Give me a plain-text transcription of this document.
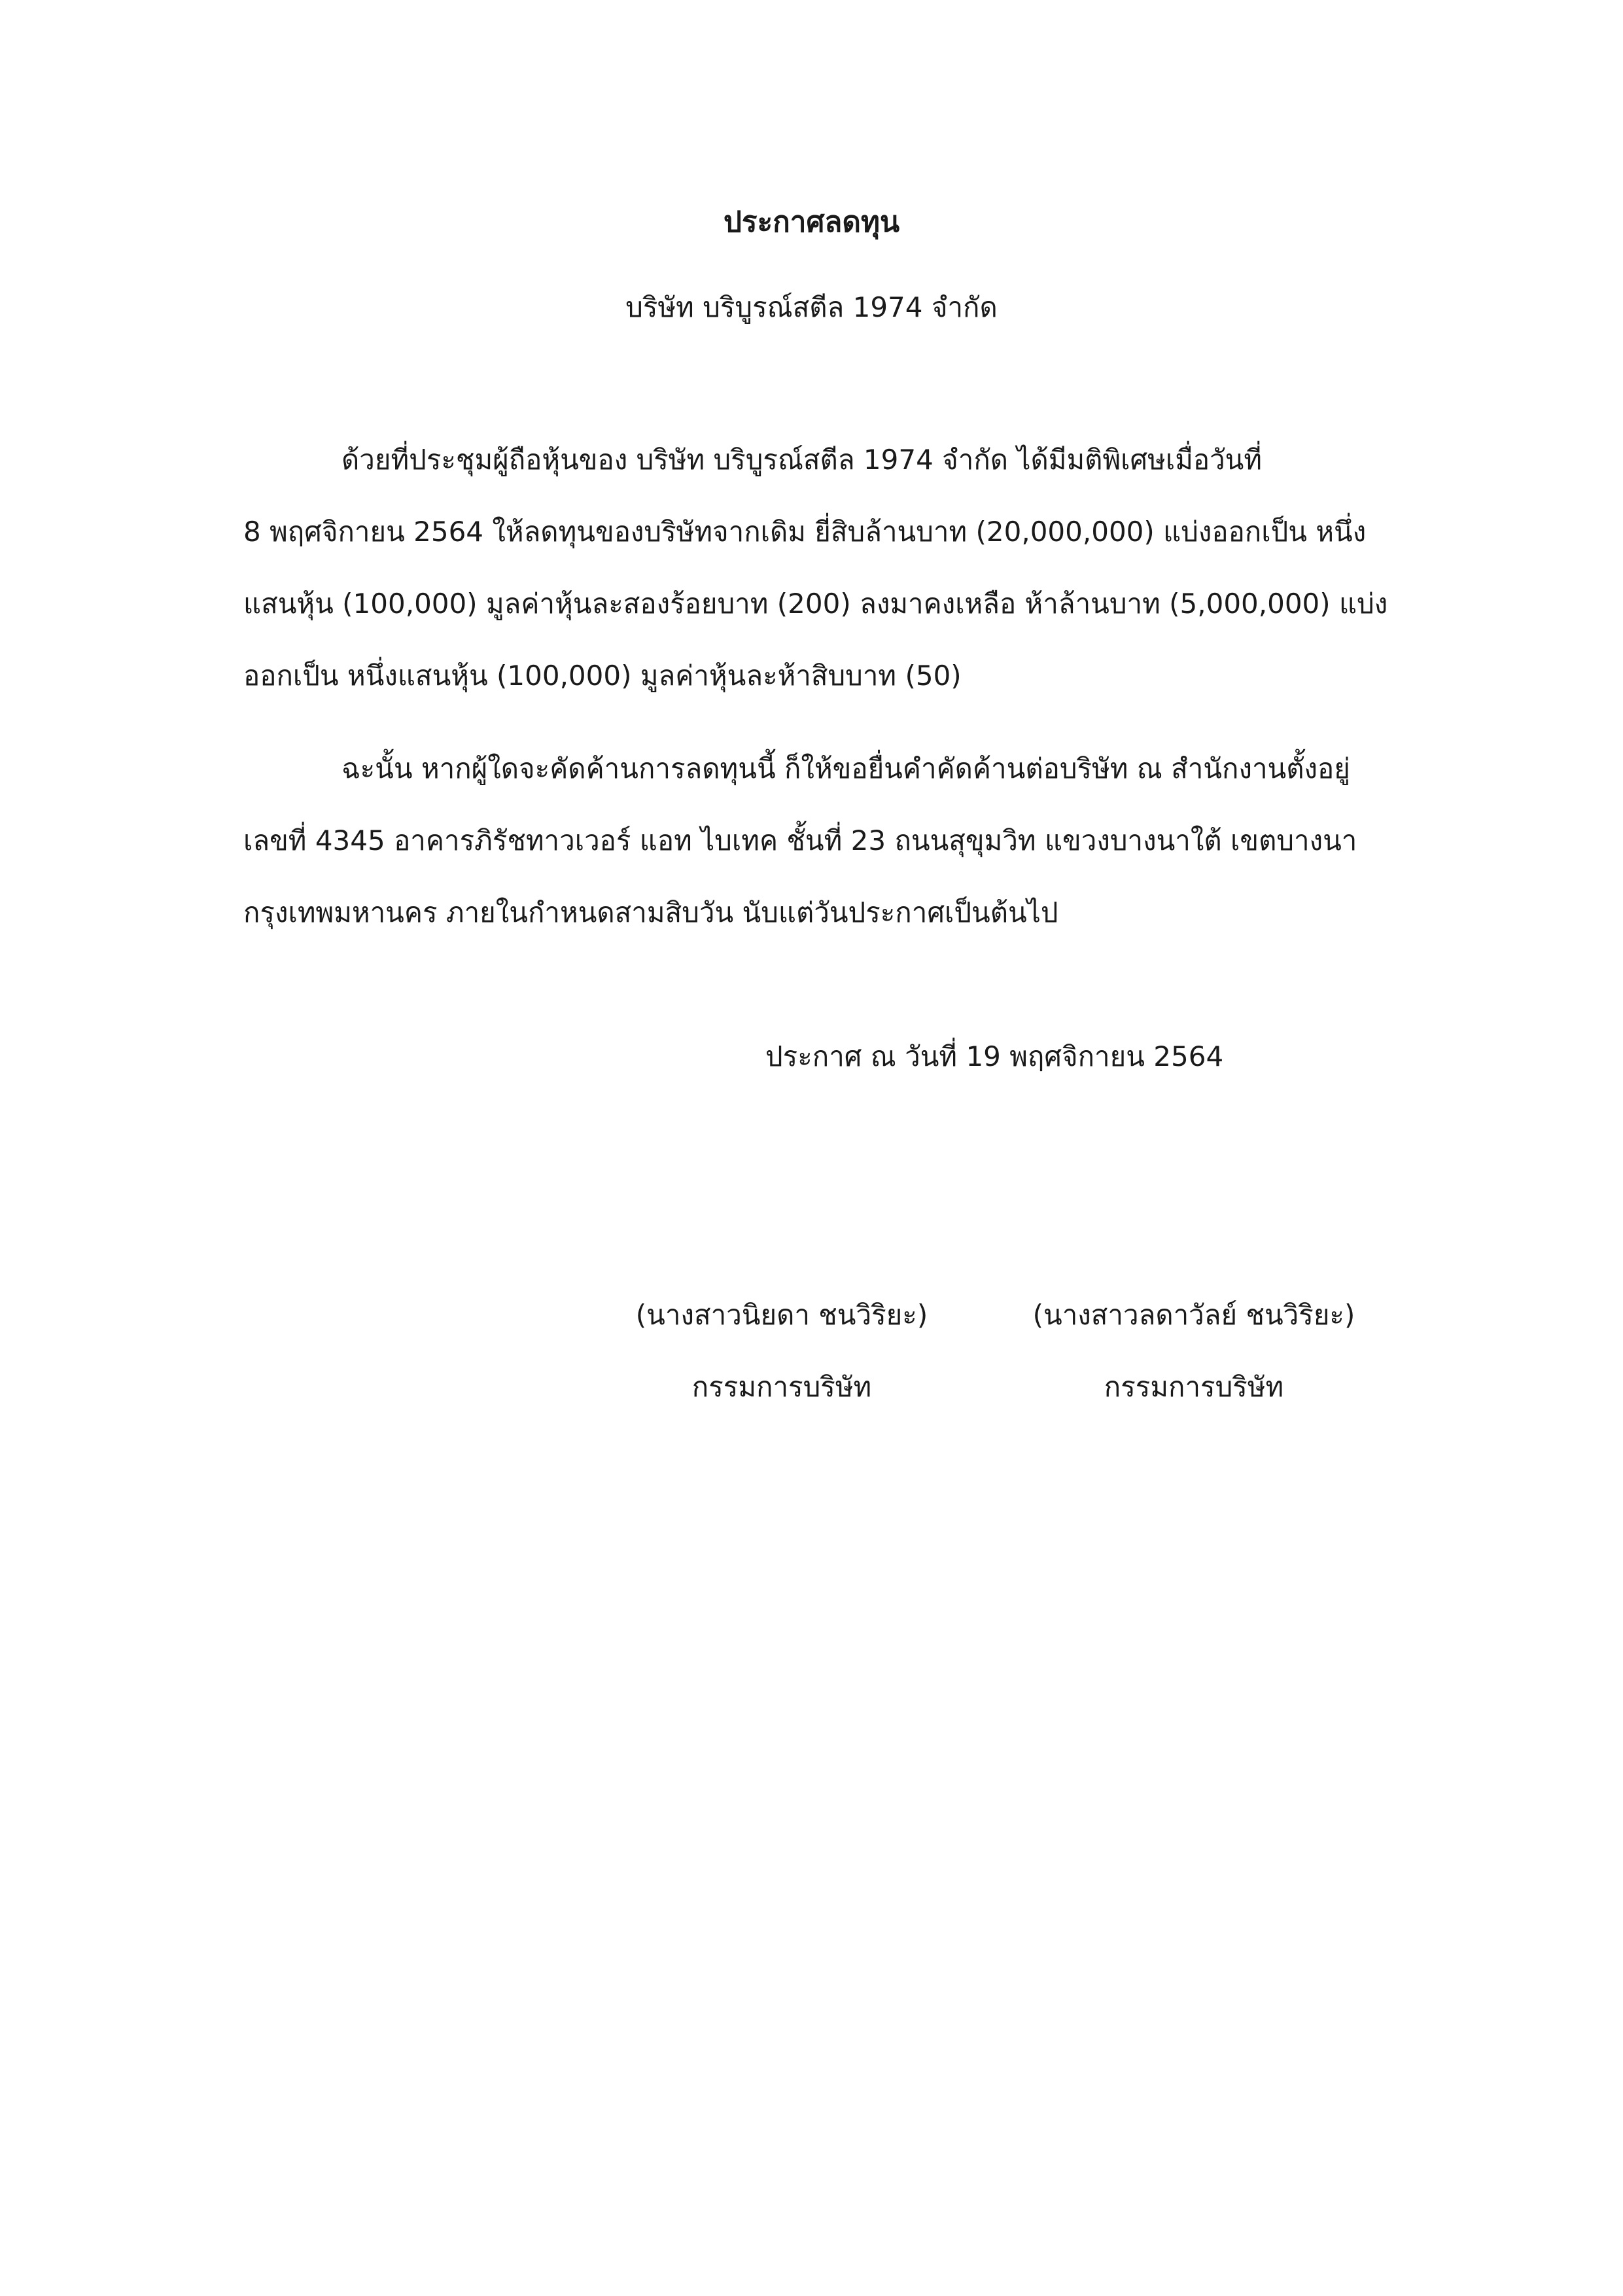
ประกาศลดทุน
บริษัท บริบูรณ์สตีล 1974 จำกัด
ด้วยที่ประชุมผู้ถือหุ้นของ บริษัท บริบูรณ์สตีล 1974 จำกัด ได้มีมติพิเศษเมื่อวันที่
8 พฤศจิกายน 2564 ให้ลดทุนของบริษัทจากเดิม ยี่สิบล้านบาท (20,000,000) แบ่งออกเป็น หนึ่ง
แสนหุ้น (100,000) มูลค่าหุ้นละสองร้อยบาท (200) ลงมาคงเหลือ ห้าล้านบาท (5,000,000) แบ่ง
ออกเป็น หนึ่งแสนหุ้น (100,000) มูลค่าหุ้นละห้าสิบบาท (50)
ฉะนั้น หากผู้ใดจะคัดค้านการลดทุนนี้ ก็ให้ขอยื่นคำคัดค้านต่อบริษัท ณ สำนักงานตั้งอยู่
เลขที่ 4345 อาคารภิรัชทาวเวอร์ แอท ไบเทค ชั้นที่ 23 ถนนสุขุมวิท แขวงบางนาใต้ เขตบางนา
กรุงเทพมหานคร ภายในกำหนดสามสิบวัน นับแต่วันประกาศเป็นต้นไป
ประกาศ ณ วันที่ 19 พฤศจิกายน 2564
(นางสาวนิยดา ชนวิริยะ)
กรรมการบริษัท
(นางสาวลดาวัลย์ ชนวิริยะ)
กรรมการบริษัท
